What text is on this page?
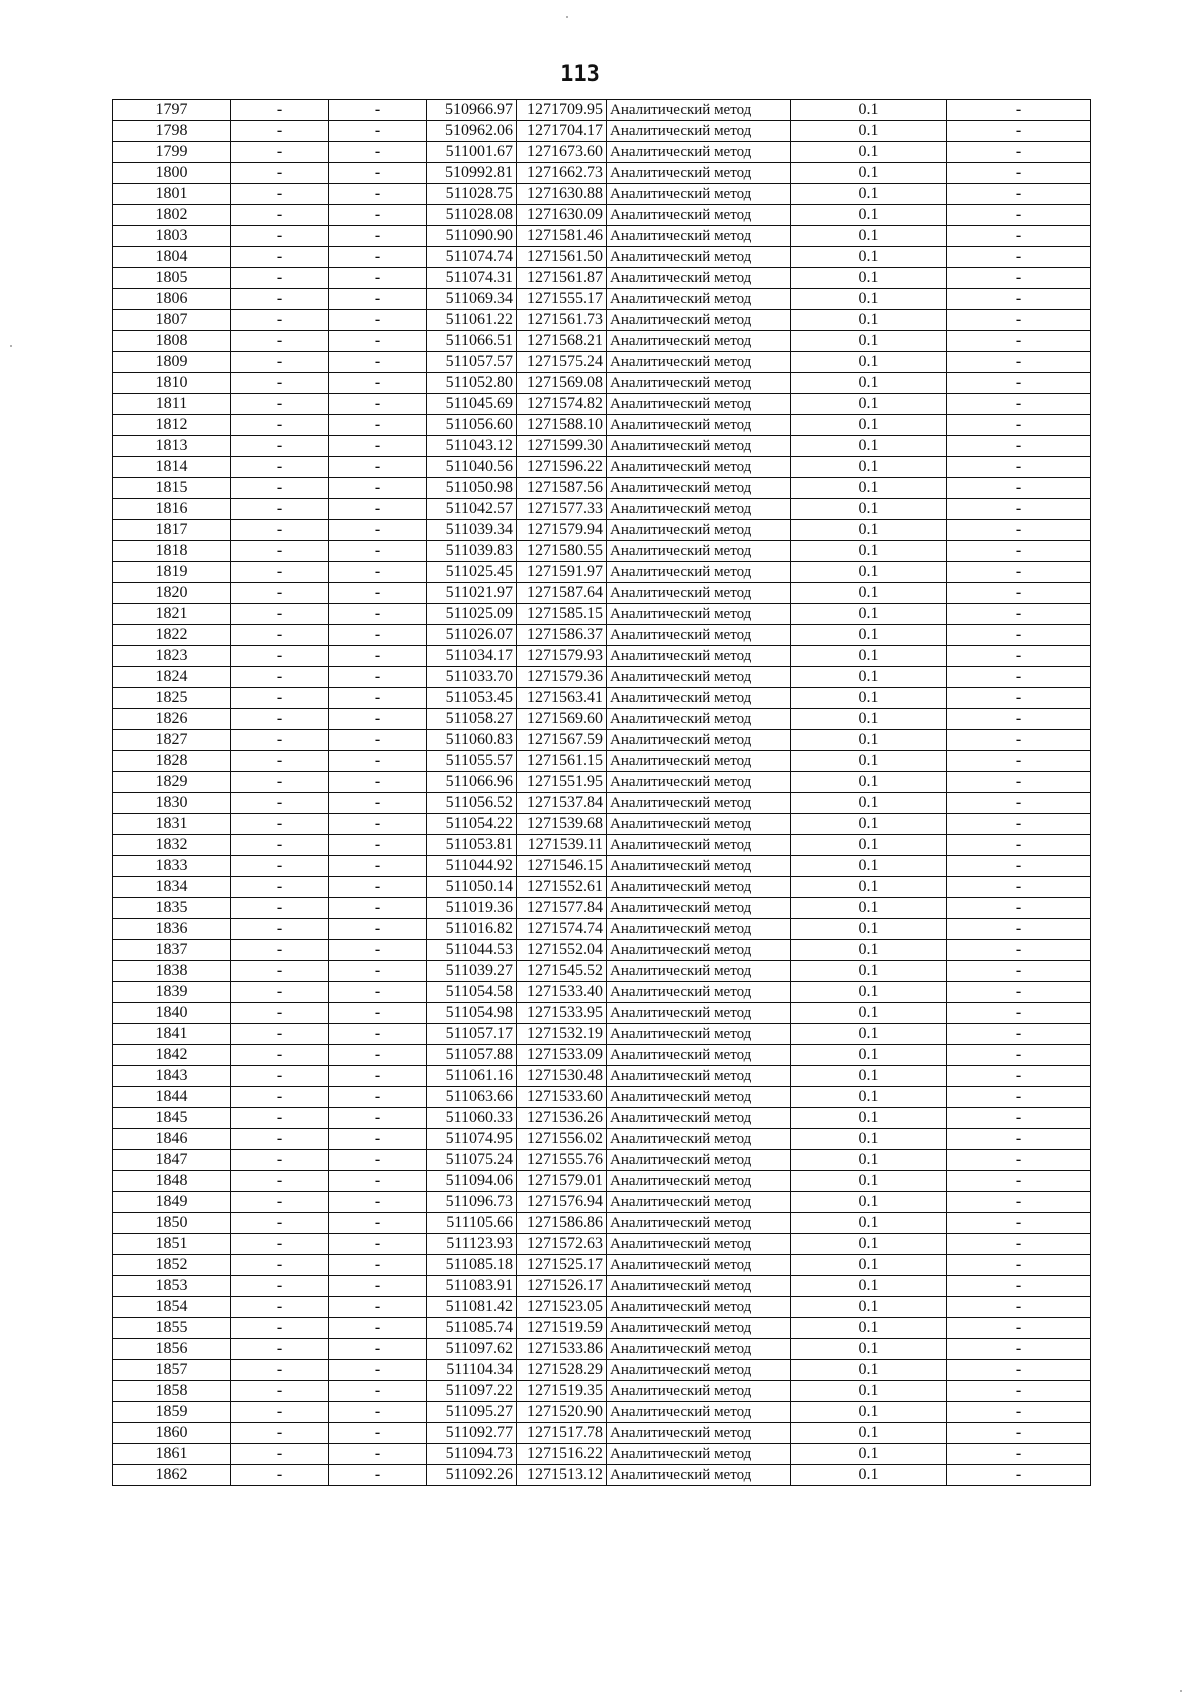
113
1797	-	-	510966.97	1271709.95	Аналитический метод	0.1	-
1798	-	-	510962.06	1271704.17	Аналитический метод	0.1	-
1799	-	-	511001.67	1271673.60	Аналитический метод	0.1	-
1800	-	-	510992.81	1271662.73	Аналитический метод	0.1	-
1801	-	-	511028.75	1271630.88	Аналитический метод	0.1	-
1802	-	-	511028.08	1271630.09	Аналитический метод	0.1	-
1803	-	-	511090.90	1271581.46	Аналитический метод	0.1	-
1804	-	-	511074.74	1271561.50	Аналитический метод	0.1	-
1805	-	-	511074.31	1271561.87	Аналитический метод	0.1	-
1806	-	-	511069.34	1271555.17	Аналитический метод	0.1	-
1807	-	-	511061.22	1271561.73	Аналитический метод	0.1	-
1808	-	-	511066.51	1271568.21	Аналитический метод	0.1	-
1809	-	-	511057.57	1271575.24	Аналитический метод	0.1	-
1810	-	-	511052.80	1271569.08	Аналитический метод	0.1	-
1811	-	-	511045.69	1271574.82	Аналитический метод	0.1	-
1812	-	-	511056.60	1271588.10	Аналитический метод	0.1	-
1813	-	-	511043.12	1271599.30	Аналитический метод	0.1	-
1814	-	-	511040.56	1271596.22	Аналитический метод	0.1	-
1815	-	-	511050.98	1271587.56	Аналитический метод	0.1	-
1816	-	-	511042.57	1271577.33	Аналитический метод	0.1	-
1817	-	-	511039.34	1271579.94	Аналитический метод	0.1	-
1818	-	-	511039.83	1271580.55	Аналитический метод	0.1	-
1819	-	-	511025.45	1271591.97	Аналитический метод	0.1	-
1820	-	-	511021.97	1271587.64	Аналитический метод	0.1	-
1821	-	-	511025.09	1271585.15	Аналитический метод	0.1	-
1822	-	-	511026.07	1271586.37	Аналитический метод	0.1	-
1823	-	-	511034.17	1271579.93	Аналитический метод	0.1	-
1824	-	-	511033.70	1271579.36	Аналитический метод	0.1	-
1825	-	-	511053.45	1271563.41	Аналитический метод	0.1	-
1826	-	-	511058.27	1271569.60	Аналитический метод	0.1	-
1827	-	-	511060.83	1271567.59	Аналитический метод	0.1	-
1828	-	-	511055.57	1271561.15	Аналитический метод	0.1	-
1829	-	-	511066.96	1271551.95	Аналитический метод	0.1	-
1830	-	-	511056.52	1271537.84	Аналитический метод	0.1	-
1831	-	-	511054.22	1271539.68	Аналитический метод	0.1	-
1832	-	-	511053.81	1271539.11	Аналитический метод	0.1	-
1833	-	-	511044.92	1271546.15	Аналитический метод	0.1	-
1834	-	-	511050.14	1271552.61	Аналитический метод	0.1	-
1835	-	-	511019.36	1271577.84	Аналитический метод	0.1	-
1836	-	-	511016.82	1271574.74	Аналитический метод	0.1	-
1837	-	-	511044.53	1271552.04	Аналитический метод	0.1	-
1838	-	-	511039.27	1271545.52	Аналитический метод	0.1	-
1839	-	-	511054.58	1271533.40	Аналитический метод	0.1	-
1840	-	-	511054.98	1271533.95	Аналитический метод	0.1	-
1841	-	-	511057.17	1271532.19	Аналитический метод	0.1	-
1842	-	-	511057.88	1271533.09	Аналитический метод	0.1	-
1843	-	-	511061.16	1271530.48	Аналитический метод	0.1	-
1844	-	-	511063.66	1271533.60	Аналитический метод	0.1	-
1845	-	-	511060.33	1271536.26	Аналитический метод	0.1	-
1846	-	-	511074.95	1271556.02	Аналитический метод	0.1	-
1847	-	-	511075.24	1271555.76	Аналитический метод	0.1	-
1848	-	-	511094.06	1271579.01	Аналитический метод	0.1	-
1849	-	-	511096.73	1271576.94	Аналитический метод	0.1	-
1850	-	-	511105.66	1271586.86	Аналитический метод	0.1	-
1851	-	-	511123.93	1271572.63	Аналитический метод	0.1	-
1852	-	-	511085.18	1271525.17	Аналитический метод	0.1	-
1853	-	-	511083.91	1271526.17	Аналитический метод	0.1	-
1854	-	-	511081.42	1271523.05	Аналитический метод	0.1	-
1855	-	-	511085.74	1271519.59	Аналитический метод	0.1	-
1856	-	-	511097.62	1271533.86	Аналитический метод	0.1	-
1857	-	-	511104.34	1271528.29	Аналитический метод	0.1	-
1858	-	-	511097.22	1271519.35	Аналитический метод	0.1	-
1859	-	-	511095.27	1271520.90	Аналитический метод	0.1	-
1860	-	-	511092.77	1271517.78	Аналитический метод	0.1	-
1861	-	-	511094.73	1271516.22	Аналитический метод	0.1	-
1862	-	-	511092.26	1271513.12	Аналитический метод	0.1	-
